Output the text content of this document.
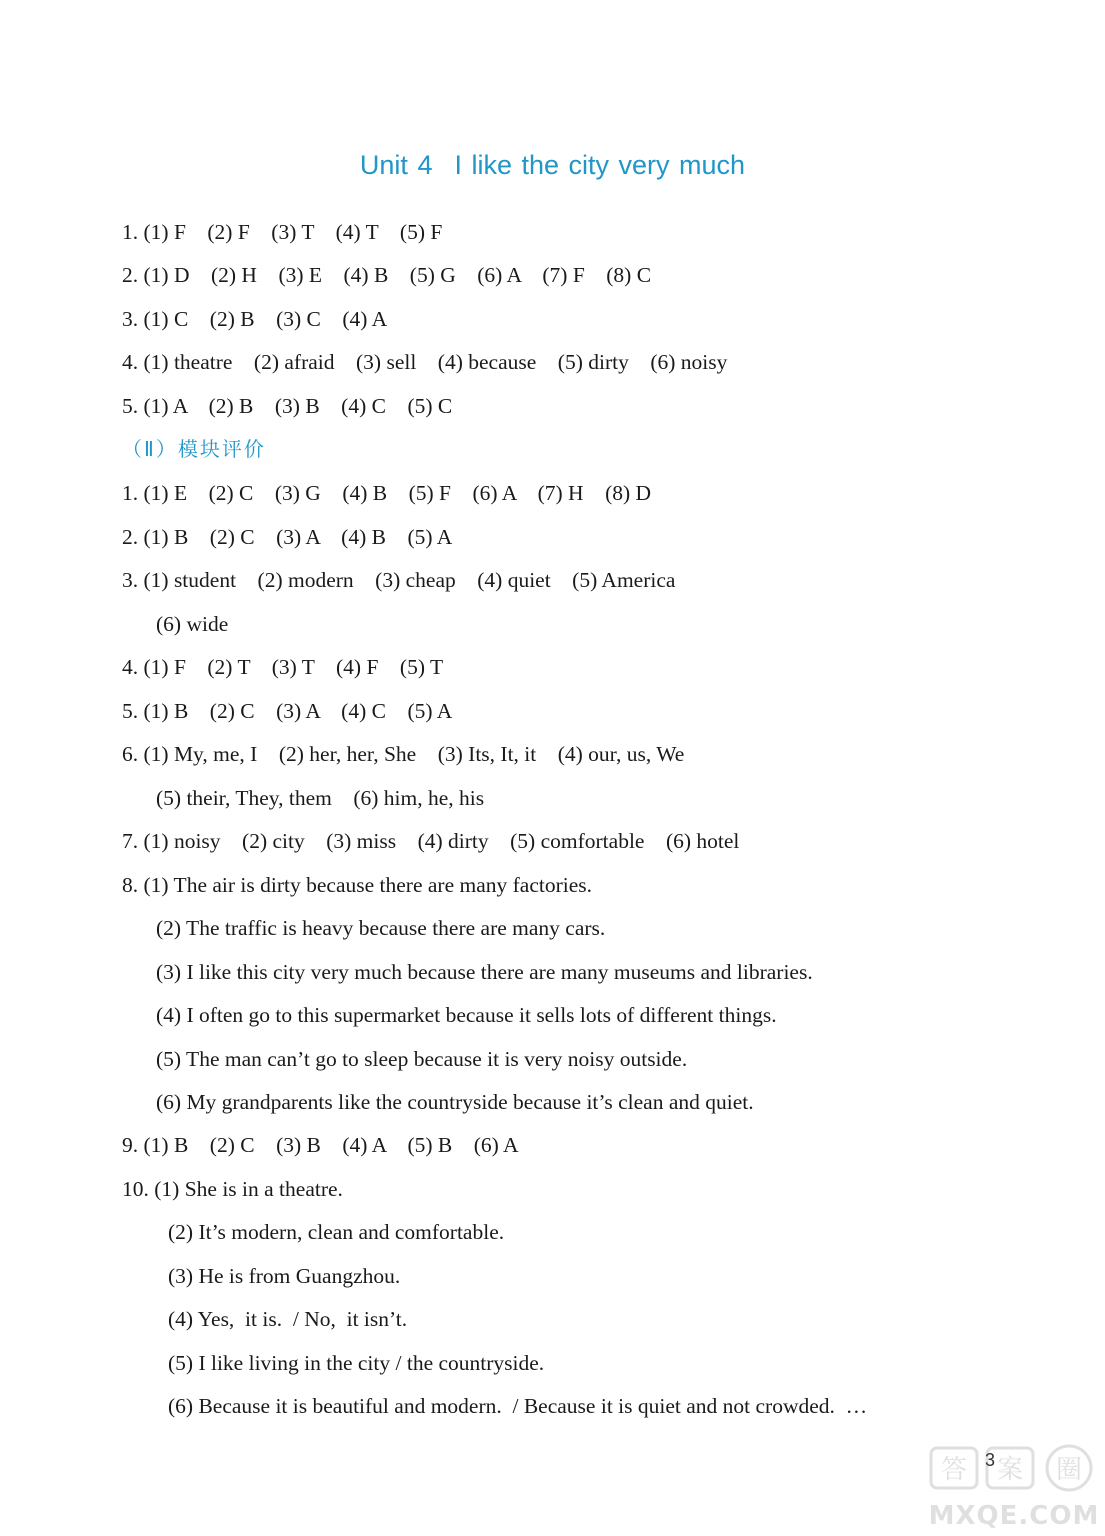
Unit 4 I like the city very much
1. (1) F    (2) F    (3) T    (4) T    (5) F
2. (1) D    (2) H    (3) E    (4) B    (5) G    (6) A    (7) F    (8) C
3. (1) C    (2) B    (3) C    (4) A
4. (1) theatre    (2) afraid    (3) sell    (4) because    (5) dirty    (6) noisy
5. (1) A    (2) B    (3) B    (4) C    (5) C
（Ⅱ）模块评价
1. (1) E    (2) C    (3) G    (4) B    (5) F    (6) A    (7) H    (8) D
2. (1) B    (2) C    (3) A    (4) B    (5) A
3. (1) student    (2) modern    (3) cheap    (4) quiet    (5) America
(6) wide
4. (1) F    (2) T    (3) T    (4) F    (5) T
5. (1) B    (2) C    (3) A    (4) C    (5) A
6. (1) My, me, I    (2) her, her, She    (3) Its, It, it    (4) our, us, We
(5) their, They, them    (6) him, he, his
7. (1) noisy    (2) city    (3) miss    (4) dirty    (5) comfortable    (6) hotel
8. (1) The air is dirty because there are many factories.
(2) The traffic is heavy because there are many cars.
(3) I like this city very much because there are many museums and libraries.
(4) I often go to this supermarket because it sells lots of different things.
(5) The man can’t go to sleep because it is very noisy outside.
(6) My grandparents like the countryside because it’s clean and quiet.
9. (1) B    (2) C    (3) B    (4) A    (5) B    (6) A
10. (1) She is in a theatre.
(2) It’s modern, clean and comfortable.
(3) He is from Guangzhou.
(4) Yes,  it is.  / No,  it isn’t.
(5) I like living in the city / the countryside.
(6) Because it is beautiful and modern.  / Because it is quiet and not crowded.  …
3
答 案 圈
MXQE.COM
